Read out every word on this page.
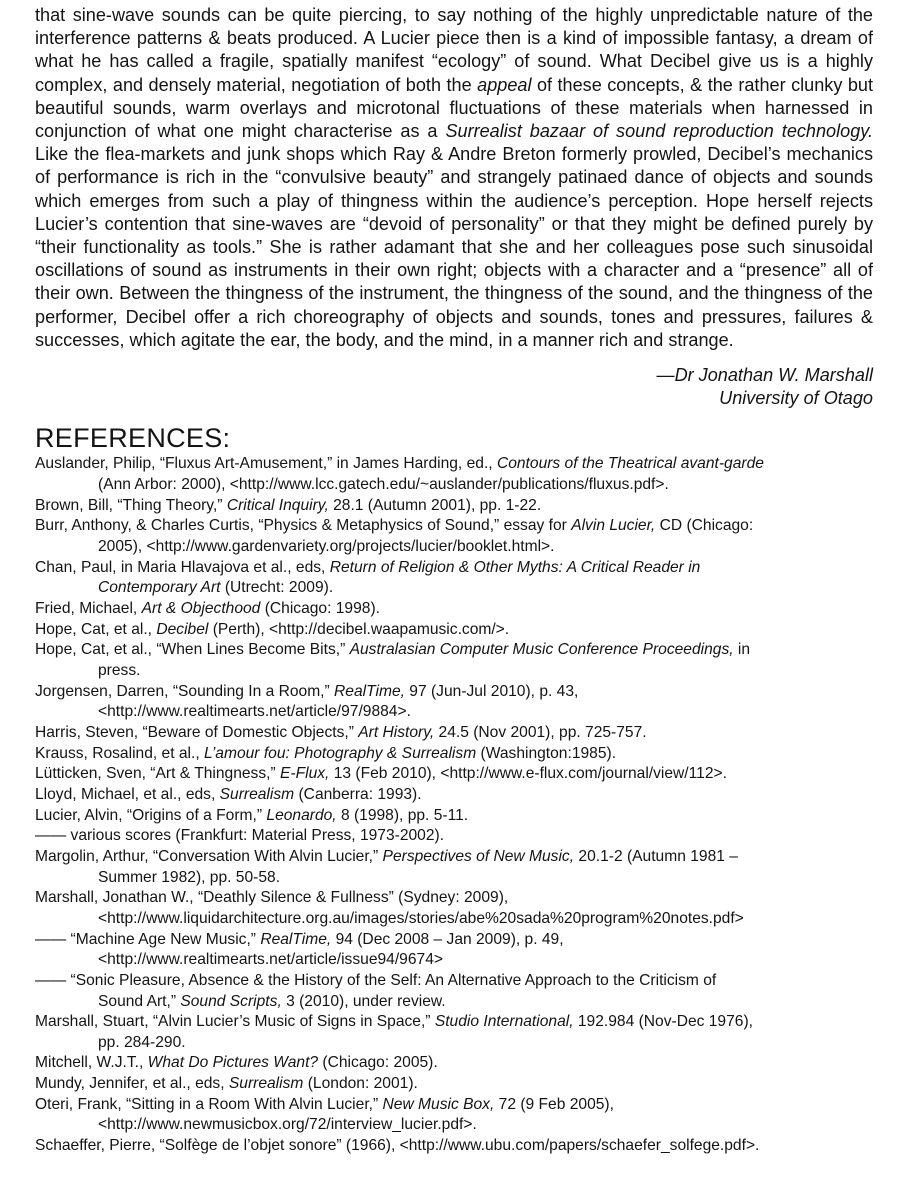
that sine-wave sounds can be quite piercing, to say nothing of the highly unpredictable nature of the interference patterns & beats produced. A Lucier piece then is a kind of impossible fantasy, a dream of what he has called a fragile, spatially manifest “ecology” of sound. What Decibel give us is a highly complex, and densely material, negotiation of both the appeal of these concepts, & the rather clunky but beautiful sounds, warm overlays and microtonal fluctuations of these materials when harnessed in conjunction of what one might characterise as a Surrealist bazaar of sound reproduction technology. Like the flea-markets and junk shops which Ray & Andre Breton formerly prowled, Decibel’s mechanics of performance is rich in the “convulsive beauty” and strangely patinaed dance of objects and sounds which emerges from such a play of thingness within the audience’s perception. Hope herself rejects Lucier’s contention that sine-waves are “devoid of personality” or that they might be defined purely by “their functionality as tools.” She is rather adamant that she and her colleagues pose such sinusoidal oscillations of sound as instruments in their own right; objects with a character and a “presence” all of their own. Between the thingness of the instrument, the thingness of the sound, and the thingness of the performer, Decibel offer a rich choreography of objects and sounds, tones and pressures, failures & successes, which agitate the ear, the body, and the mind, in a manner rich and strange.

—Dr Jonathan W. Marshall
University of Otago
REFERENCES:
Auslander, Philip, “Fluxus Art-Amusement,” in James Harding, ed., Contours of the Theatrical avant-garde
(Ann Arbor: 2000), <http://www.lcc.gatech.edu/~auslander/publications/fluxus.pdf>.
Brown, Bill, “Thing Theory,” Critical Inquiry, 28.1 (Autumn 2001), pp. 1-22.
Burr, Anthony, & Charles Curtis, “Physics & Metaphysics of Sound,” essay for Alvin Lucier, CD (Chicago:
2005), <http://www.gardenvariety.org/projects/lucier/booklet.html>.
Chan, Paul, in Maria Hlavajova et al., eds, Return of Religion & Other Myths: A Critical Reader in
Contemporary Art (Utrecht: 2009).
Fried, Michael, Art & Objecthood (Chicago: 1998).
Hope, Cat, et al., Decibel (Perth), <http://decibel.waapamusic.com/>.
Hope, Cat, et al., “When Lines Become Bits,” Australasian Computer Music Conference Proceedings, in
press.
Jorgensen, Darren, “Sounding In a Room,” RealTime, 97 (Jun-Jul 2010), p. 43,
<http://www.realtimearts.net/article/97/9884>.
Harris, Steven, “Beware of Domestic Objects,” Art History, 24.5 (Nov 2001), pp. 725-757.
Krauss, Rosalind, et al., L’amour fou: Photography & Surrealism (Washington:1985).
Lütticken, Sven, “Art & Thingness,” E-Flux, 13 (Feb 2010), <http://www.e-flux.com/journal/view/112>.
Lloyd, Michael, et al., eds, Surrealism (Canberra: 1993).
Lucier, Alvin, “Origins of a Form,” Leonardo, 8 (1998), pp. 5-11.
—— various scores (Frankfurt: Material Press, 1973-2002).
Margolin, Arthur, “Conversation With Alvin Lucier,” Perspectives of New Music, 20.1-2 (Autumn 1981 –
Summer 1982), pp. 50-58.
Marshall, Jonathan W., “Deathly Silence & Fullness” (Sydney: 2009),
<http://www.liquidarchitecture.org.au/images/stories/abe%20sada%20program%20notes.pdf>
—— “Machine Age New Music,” RealTime, 94 (Dec 2008 – Jan 2009), p. 49,
<http://www.realtimearts.net/article/issue94/9674>
—— “Sonic Pleasure, Absence & the History of the Self: An Alternative Approach to the Criticism of
Sound Art,” Sound Scripts, 3 (2010), under review.
Marshall, Stuart, “Alvin Lucier’s Music of Signs in Space,” Studio International, 192.984 (Nov-Dec 1976),
pp. 284-290.
Mitchell, W.J.T., What Do Pictures Want? (Chicago: 2005).
Mundy, Jennifer, et al., eds, Surrealism (London: 2001).
Oteri, Frank, “Sitting in a Room With Alvin Lucier,” New Music Box, 72 (9 Feb 2005),
<http://www.newmusicbox.org/72/interview_lucier.pdf>.
Schaeffer, Pierre, “Solfège de l’objet sonore” (1966), <http://www.ubu.com/papers/schaefer_solfege.pdf>.
